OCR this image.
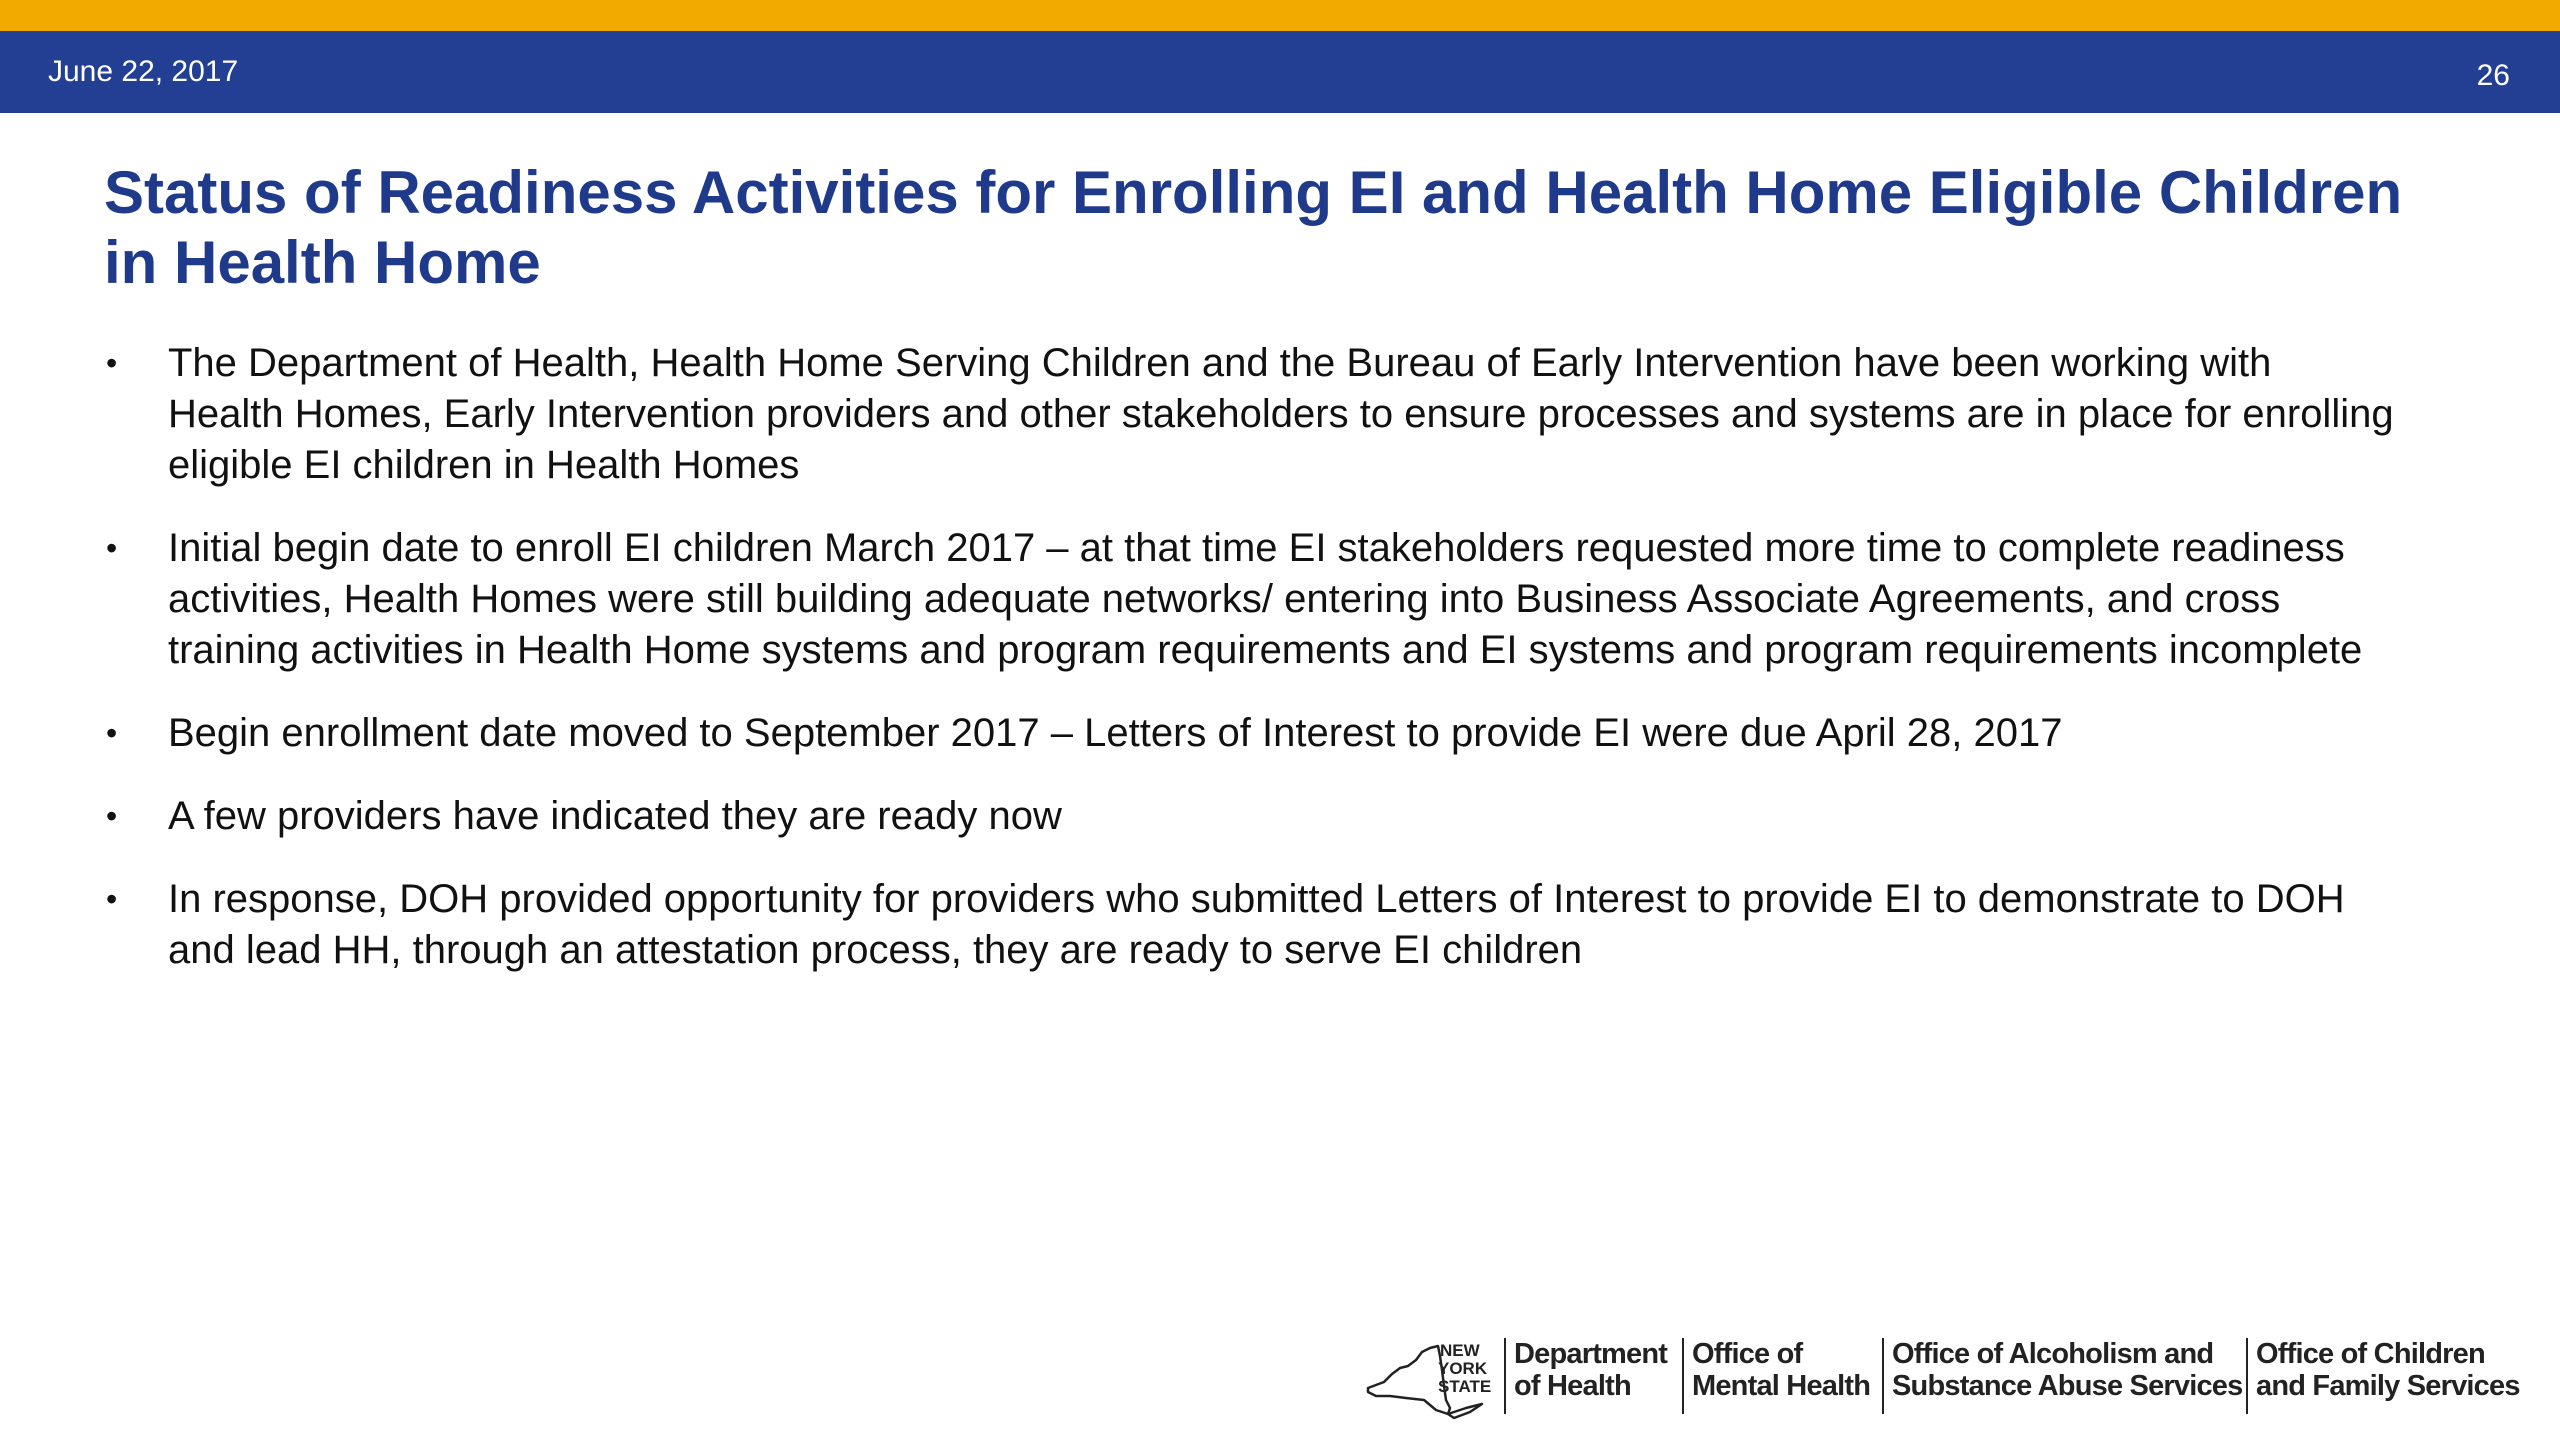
June 22, 2017	26
Status of Readiness Activities for Enrolling EI and Health Home Eligible Children in Health Home
• The Department of Health, Health Home Serving Children and the Bureau of Early Intervention have been working with Health Homes, Early Intervention providers and other stakeholders to ensure processes and systems are in place for enrolling eligible EI children in Health Homes
• Initial begin date to enroll EI children March 2017 – at that time EI stakeholders requested more time to complete readiness activities, Health Homes were still building adequate networks/ entering into Business Associate Agreements, and cross training activities in Health Home systems and program requirements and EI systems and program requirements incomplete
• Begin enrollment date moved to September 2017 – Letters of Interest to provide EI were due April 28, 2017
• A few providers have indicated they are ready now
• In response, DOH provided opportunity for providers who submitted Letters of Interest to provide EI to demonstrate to DOH and lead HH, through an attestation process, they are ready to serve EI children
NEW
YORK
STATE
Department
of Health
Office of
Mental Health
Office of Alcoholism and
Substance Abuse Services
Office of Children
and Family Services
